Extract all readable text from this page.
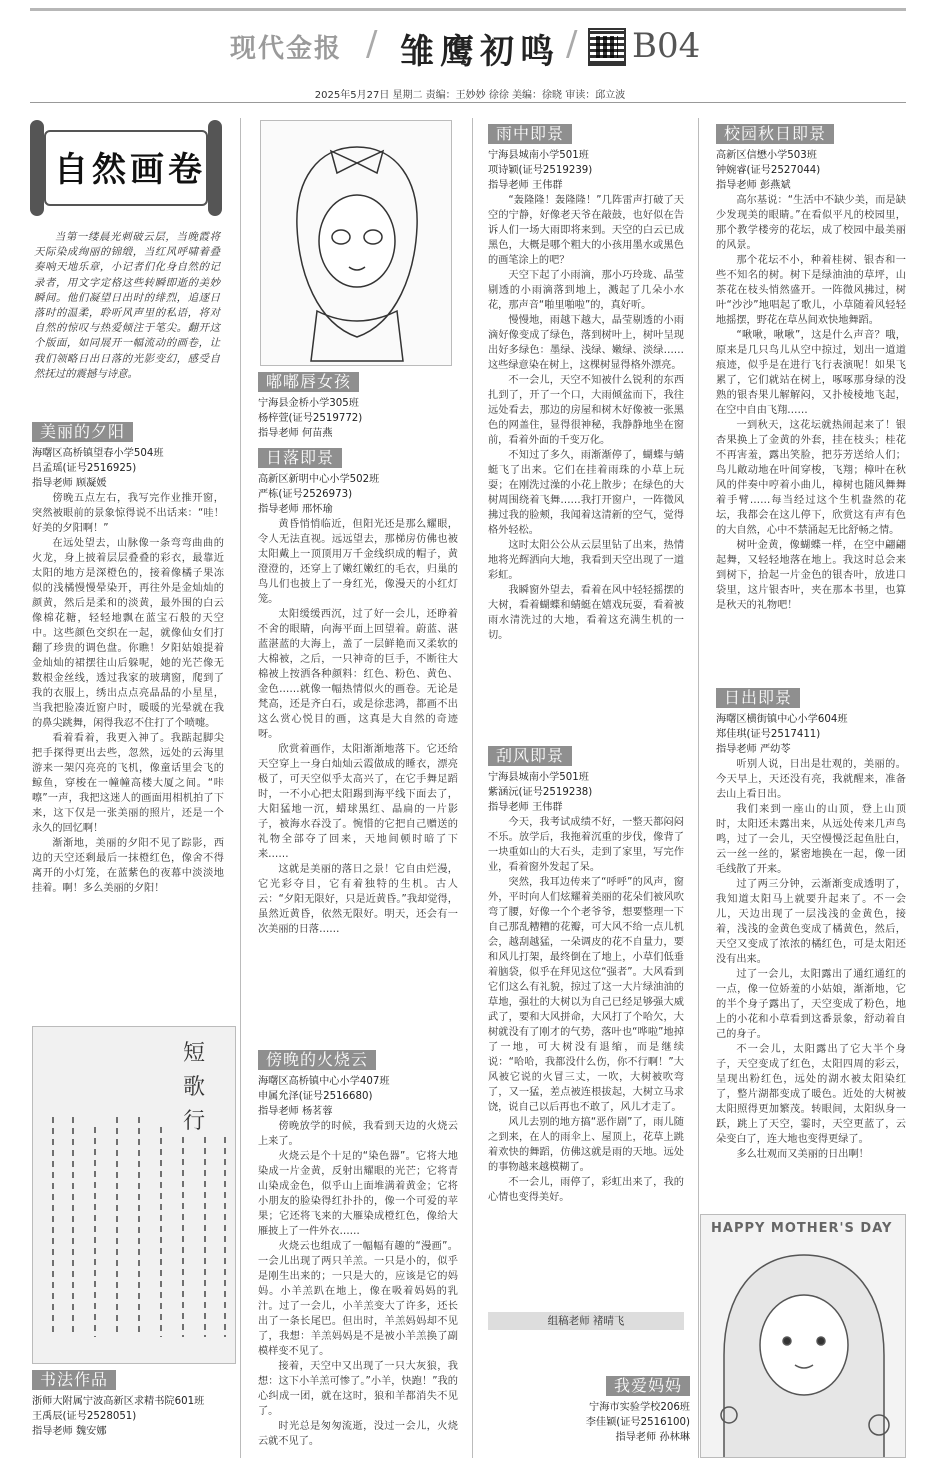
现代金报 / 雏鹰初鸣 / B04
2025年5月27日 星期二 责编：王妙妙 徐徐 美编：徐晓 审读：邱立波
自然画卷
当第一缕晨光刺破云层，当晚霞将天际染成绚丽的锦缎，当红风呼啸着叠奏响天地乐章，小记者们化身自然的记录者，用文字定格这些转瞬即逝的美妙瞬间。他们凝望日出时的绯烈，追逐日落时的温柔，聆听风声里的私语，将对自然的惊叹与热爱倾注于笔尖。翻开这个版面，如同展开一幅流动的画卷，让我们领略日出日落的光影变幻，感受自然抚过的震撼与诗意。
美丽的夕阳
海曙区高桥镇望春小学504班
吕孟瑶(证号2516925)
指导老师 顾凝媛

傍晚五点左右，我写完作业推开窗，突然被眼前的景象惊得说不出话来：“哇！好美的夕阳啊！”

在远处望去，山脉像一条弯弯曲曲的火龙，身上披着层层叠叠的彩衣，最靠近太阳的地方是深橙色的，接着像橘子果冻似的浅橘慢慢晕染开，再往外是金灿灿的颜黄，然后是柔和的淡黄，最外围的白云像棉花糖，轻轻地飘在蓝宝石般的天空中。这些颜色交织在一起，就像仙女们打翻了珍贵的调色盘。你瞧！夕阳姑娘提着金灿灿的裙摆往山后躲呢，她的光芒像无数根金丝线，透过我家的玻璃窗，爬到了我的衣服上，绣出点点亮晶晶的小星星，当我把脸凑近窗户时，暖暖的光晕就在我的鼻尖跳舞，闲得我忍不住打了个喷嚏。

看着看着，我更入神了。我踮起脚尖把手探得更出去些，忽然，远处的云海里游来一架闪亮亮的飞机，像童话里会飞的鲸鱼，穿梭在一幢幢高楼大厦之间。“咔嚓”一声，我把这迷人的画面用相机拍了下来，这下仅是一张美丽的照片，还是一个永久的回忆啊！

渐渐地，美丽的夕阳不见了踪影，西边的天空还剩最后一抹橙红色，像舍不得离开的小灯笼，在蓝紫色的夜幕中淡淡地挂着。啊！多么美丽的夕阳！

短歌行
书法作品
浙师大附属宁波高新区求精书院601班
王禹辰(证号2528051)
指导老师 魏安娜
嘟嘟唇女孩
宁海县金桥小学305班
杨梓萱(证号2519772)
指导老师 何苗燕
日落即景
高新区新明中心小学502班
严栋(证号2526973)
指导老师 邢怀瑜

黄昏悄悄临近，但阳光还是那么耀眼，令人无法直视。远远望去，那梯房仿佛也被太阳戴上一顶顶用万千金线织成的帽子，黄澄澄的，还穿上了嫩红嫩红的毛衣，归巢的鸟儿们也披上了一身红光，像漫天的小红灯笼。

太阳缓缓西沉，过了好一会儿，还睁着不舍的眼睛，向海平面上回望着。蔚蓝、湛蓝湛蓝的大海上，盖了一层鲜艳而又柔软的大棉被，之后，一只神奇的巨手，不断往大棉被上按洒各种颜料：红色、粉色、黄色、金色……就像一幅热情似火的画卷。无论是梵高，还是齐白石，或是徐悲鸿，都画不出这么赏心悦目的画，这真是大自然的奇迹呀。

欣赏着画作，太阳渐渐地落下。它还给天空穿上一身白灿灿云霞做成的睡衣，漂亮极了，可天空似乎太高兴了，在它手舞足蹈时，一不小心把太阳踢到海平线下面去了，大阳猛地一沉，蜡球黑红、晶扁的一片影子，被海水吞没了。惋惜的它把自己赠送的礼物全部夺了回来，天地间顿时暗了下来……

这就是美丽的落日之景！它自由烂漫，它光彩夺目，它有着独特的生机。古人云：“夕阳无限好，只是近黄昏。”我却觉得，虽然近黄昏，依然无限好。明天，还会有一次美丽的日落……

傍晚的火烧云
海曙区高桥镇中心小学407班
申属允泽(证号2516680)
指导老师 杨茗蓉

傍晚放学的时候，我看到天边的火烧云上来了。

火烧云是个十足的“染色器”。它将大地染成一片金黄，反射出耀眼的光芒；它将青山染成金色，似乎山上面堆满着黄金；它将小朋友的脸染得红扑扑的，像一个可爱的苹果；它还将飞来的大雁染成橙红色，像给大雁披上了一件外衣……

火烧云也组成了一幅幅有趣的“漫画”。一会儿出现了两只羊羔。一只是小的，似乎是刚生出来的；一只是大的，应该是它的妈妈。小羊羔趴在地上，像在吸着妈妈的乳汁。过了一会儿，小羊羔变大了许多，还长出了一条长尾巴。但出时，羊羔妈妈却不见了，我想：羊羔妈妈是不是被小羊羔换了副模样变不见了。

接着，天空中又出现了一只大灰狼，我想：这下小羊羔可惨了。”小羊，快跑！”我的心纠成一团，就在这时，狼和羊都消失不见了。

时光总是匆匆流逝，没过一会儿，火烧云就不见了。

雨中即景
宁海县城南小学501班
项诗颖(证号2519239)
指导老师 王伟群

“轰隆隆！轰隆隆！”几阵雷声打破了天空的宁静，好像老天爷在敲鼓，也好似在告诉人们一场大雨即将来到。天空的白云已成黑色，大概是哪个粗大的小孩用墨水或黑色的画笔涂上的吧？

天空下起了小雨滴，那小巧玲珑、晶莹剔透的小雨滴落到地上，溅起了几朵小水花，那声音“啪里啪啦”的，真好听。

慢慢地，雨越下越大，晶莹剔透的小雨滴好像变成了绿色，落到树叶上，树叶呈现出好多绿色：墨绿、浅绿、嫩绿、淡绿……这些绿意染在树上，这棵树显得格外漂亮。

不一会儿，天空不知被什么锐利的东西扎到了，开了一个口，大雨倾盆而下，我往远处看去，那边的房屋和树木好像被一张黑色的网盖住，显得很神秘，我静静地坐在窗前，看着外面的千变万化。

不知过了多久，雨渐渐停了，蝴蝶与蜻蜓飞了出来。它们在挂着雨珠的小草上玩耍；在刚洗过澡的小花上散步；在绿色的大树周围绕着飞舞……我打开窗户，一阵微风拂过我的脸颊，我闻着这清新的空气，觉得格外轻松。

这时太阳公公从云层里钻了出来，热情地将光辉洒向大地，我看到天空出现了一道彩虹。

我瞬窗外望去，看着在风中轻轻摇摆的大树，看着蝴蝶和蜻蜓在嬉戏玩耍，看着被雨水清洗过的大地，看着这充满生机的一切。

刮风即景
宁海县城南小学501班
紫涵沅(证号2519238)
指导老师 王伟群

今天，我考试成绩不好，一整天都闷闷不乐。放学后，我拖着沉重的步伐，像背了一块重如山的大石头，走到了家里，写完作业，看着窗外发起了呆。

突然，我耳边传来了“呼呼”的风声，窗外，平时向人们炫耀着美丽的花朵们被风吹弯了腰，好像一个个老爷爷，想要整理一下自己那乱糟糟的花瓣，可大风不给一点儿机会，越刮越猛，一朵调皮的花不自量力，要和风儿打架，最终倒在了地上，小草们低垂着脑袋，似乎在拜见这位“强者”。大风看到它们这么有礼貌，掠过了这一大片绿油油的草地，强壮的大树以为自己已经足够强大威武了，要和大风拼命，大风打了个哈欠，大树就没有了刚才的气势，落叶也“哗啦”地掉了一地，可大树没有退缩，而是继续说：“哈哈，我都没什么伤，你不行啊！”大风被它说的火冒三丈，一吹，大树被吹弯了，又一猛，差点被连根拔起，大树立马求饶，说自己以后再也不敢了，风儿才走了。

风儿去别的地方搞“恶作剧”了，雨儿随之到来，在人的雨伞上、屋顶上，花草上跳着欢快的舞蹈，仿佛这就是雨的天地。远处的事物越来越模糊了。

不一会儿，雨停了，彩虹出来了，我的心情也变得美好。

组稿老师 褚晴飞
我爱妈妈
宁海市实验学校206班
李佳颖(证号2516100)
指导老师 孙林琳
校园秋日即景
高新区信懋小学503班
钟婉睿(证号2527044)
指导老师 彭燕斌

高尔基说：“生活中不缺少美，而是缺少发现美的眼睛。”在看似平凡的校园里，那个教学楼旁的花坛，成了校园中最美丽的风景。

那个花坛不小，种着桂树、银杏和一些不知名的树。树下是绿油油的草坪，山茶花在枝头悄然盛开。一阵微风拂过，树叶“沙沙”地唱起了歌儿，小草随着风轻轻地摇摆，野花在草丛间欢快地舞蹈。

“啾啾，啾啾”，这是什么声音？哦，原来是几只鸟儿从空中掠过，划出一道道痕迹，似乎是在进行飞行表演呢！如果飞累了，它们就站在树上，啄啄那身绿的没熟的银杏果儿解解闷，又扑棱棱地飞起，在空中自由飞翔……

一到秋天，这花坛就热闹起来了！银杏果换上了金黄的外套，挂在枝头；桂花不再害羞，露出笑脸，把芬芳送给人们；鸟儿敞动地在叶间穿梭，飞翔；樟叶在秋风的伴奏中哼着小曲儿，樟树也随风舞舞着手臂……每当经过这个生机盎然的花坛，我都会在这儿停下，欣赏这有声有色的大自然，心中不禁涌起无比舒畅之情。

树叶金黄，像蝴蝶一样，在空中翩翩起舞，又轻轻地落在地上。我这时总会来到树下，拾起一片金色的银杏叶，放进口袋里，这片银杏叶，夹在那本书里，也算是秋天的礼物吧！

日出即景
海曙区横街镇中心小学604班
郑佳琪(证号2517411)
指导老师 严幼苓

听别人说，日出是壮观的，美丽的。今天早上，天还没有亮，我就醒来，准备去山上看日出。

我们来到一座山的山顶，登上山顶时，太阳还未露出来，从远处传来几声鸟鸣，过了一会儿，天空慢慢泛起鱼肚白，云一丝一丝的，紧密地换在一起，像一团毛线散了开来。

过了两三分钟，云渐渐变成透明了，我知道太阳马上就要升起来了。不一会儿，天边出现了一层浅浅的金黄色，接着，浅浅的金黄色变成了橘黄色，然后，天空又变成了浓浓的橘红色，可是太阳还没有出来。

过了一会儿，太阳露出了通红通红的一点，像一位娇羞的小姑娘，渐渐地，它的半个身子露出了，天空变成了粉色，地上的小花和小草看到这番景象，舒动着自己的身子。

不一会儿，太阳露出了它大半个身子，天空变成了红色，太阳四周的彩云，呈现出粉红色，远处的湖水被太阳染红了，整片湖都变成了暖色。近处的大树被太阳照得更加繁茂。转眼间，太阳纵身一跃，跳上了天空，霎时，天空更蓝了，云朵变白了，连大地也变得更绿了。

多么壮观而又美丽的日出啊！

HAPPY MOTHER'S DAY
